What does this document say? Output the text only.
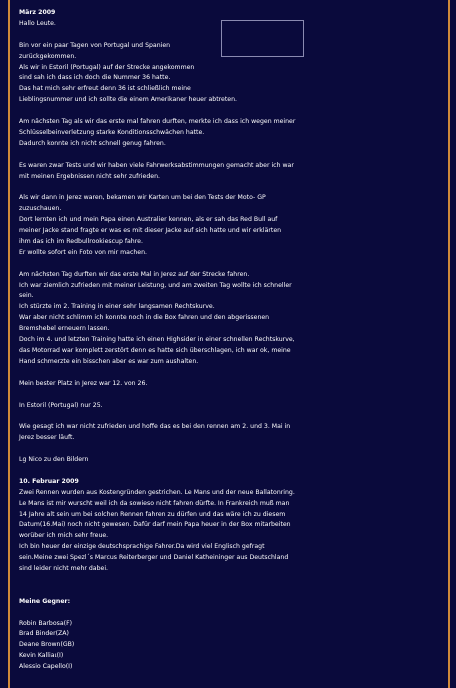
März 2009

Hallo Leute.

Bin vor ein paar Tagen von Portugal und Spanien

zurückgekommen.

Als wir in Estoril (Portugal) auf der Strecke angekommen

sind sah ich dass ich doch die Nummer 36 hatte.

Das hat mich sehr erfreut denn 36 ist schließlich meine

Lieblingsnummer und ich sollte die einem Amerikaner heuer abtreten.

Am nächsten Tag als wir das erste mal fahren durften, merkte ich dass ich wegen meiner

Schlüsselbeinverletzung starke Konditionsschwächen hatte.

Dadurch konnte ich nicht schnell genug fahren.

Es waren zwar Tests und wir haben viele Fahrwerksabstimmungen gemacht aber ich war

mit meinen Ergebnissen nicht sehr zufrieden.

Als wir dann in Jerez waren, bekamen wir Karten um bei den Tests der Moto- GP

zuzuschauen.

Dort lernten ich und mein Papa einen Australier kennen, als er sah das Red Bull auf

meiner Jacke stand fragte er was es mit dieser Jacke auf sich hatte und wir erklärten

ihm das ich im Redbullrookiescup fahre.

Er wollte sofort ein Foto von mir machen.

Am nächsten Tag durften wir das erste Mal in Jerez auf der Strecke fahren.

Ich war ziemlich zufrieden mit meiner Leistung, und am zweiten Tag wollte ich schneller

sein.

Ich stürzte im 2. Training in einer sehr langsamen Rechtskurve.

War aber nicht schlimm ich konnte noch in die Box fahren und den abgerissenen

Bremshebel erneuern lassen.

Doch im 4. und letzten Training hatte ich einen Highsider in einer schnellen Rechtskurve,

das Motorrad war komplett zerstört denn es hatte sich überschlagen, ich war ok, meine

Hand schmerzte ein bisschen aber es war zum aushalten.

Mein bester Platz in Jerez war 12. von 26.

In Estoril (Portugal) nur 25.

Wie gesagt ich war nicht zufrieden und hoffe das es bei den rennen am 2. und 3. Mai in

Jerez besser läuft.

Lg Nico zu den Bildern

10. Februar 2009

Zwei Rennen wurden aus Kostengründen gestrichen. Le Mans und der neue Ballatonring.

Le Mans ist mir wurscht weil ich da sowieso nicht fahren dürfte. In Frankreich muß man

14 Jahre alt sein um bei solchen Rennen fahren zu dürfen und das wäre ich zu diesem

Datum(16.Mai) noch nicht gewesen. Dafür darf mein Papa heuer in der Box mitarbeiten

worüber ich mich sehr freue.

Ich bin heuer der einzige deutschsprachige Fahrer.Da wird viel Englisch gefragt

sein.Meine zwei Spezl´s Marcus Reiterberger und Daniel Katheininger aus Deutschland

sind leider nicht mehr dabei.

Meine Gegner:

Robin Barbosa(F)

Brad Binder(ZA)

Deane Brown(GB)

Kevin Kalliaι(I)

Alessio Capello(I)
